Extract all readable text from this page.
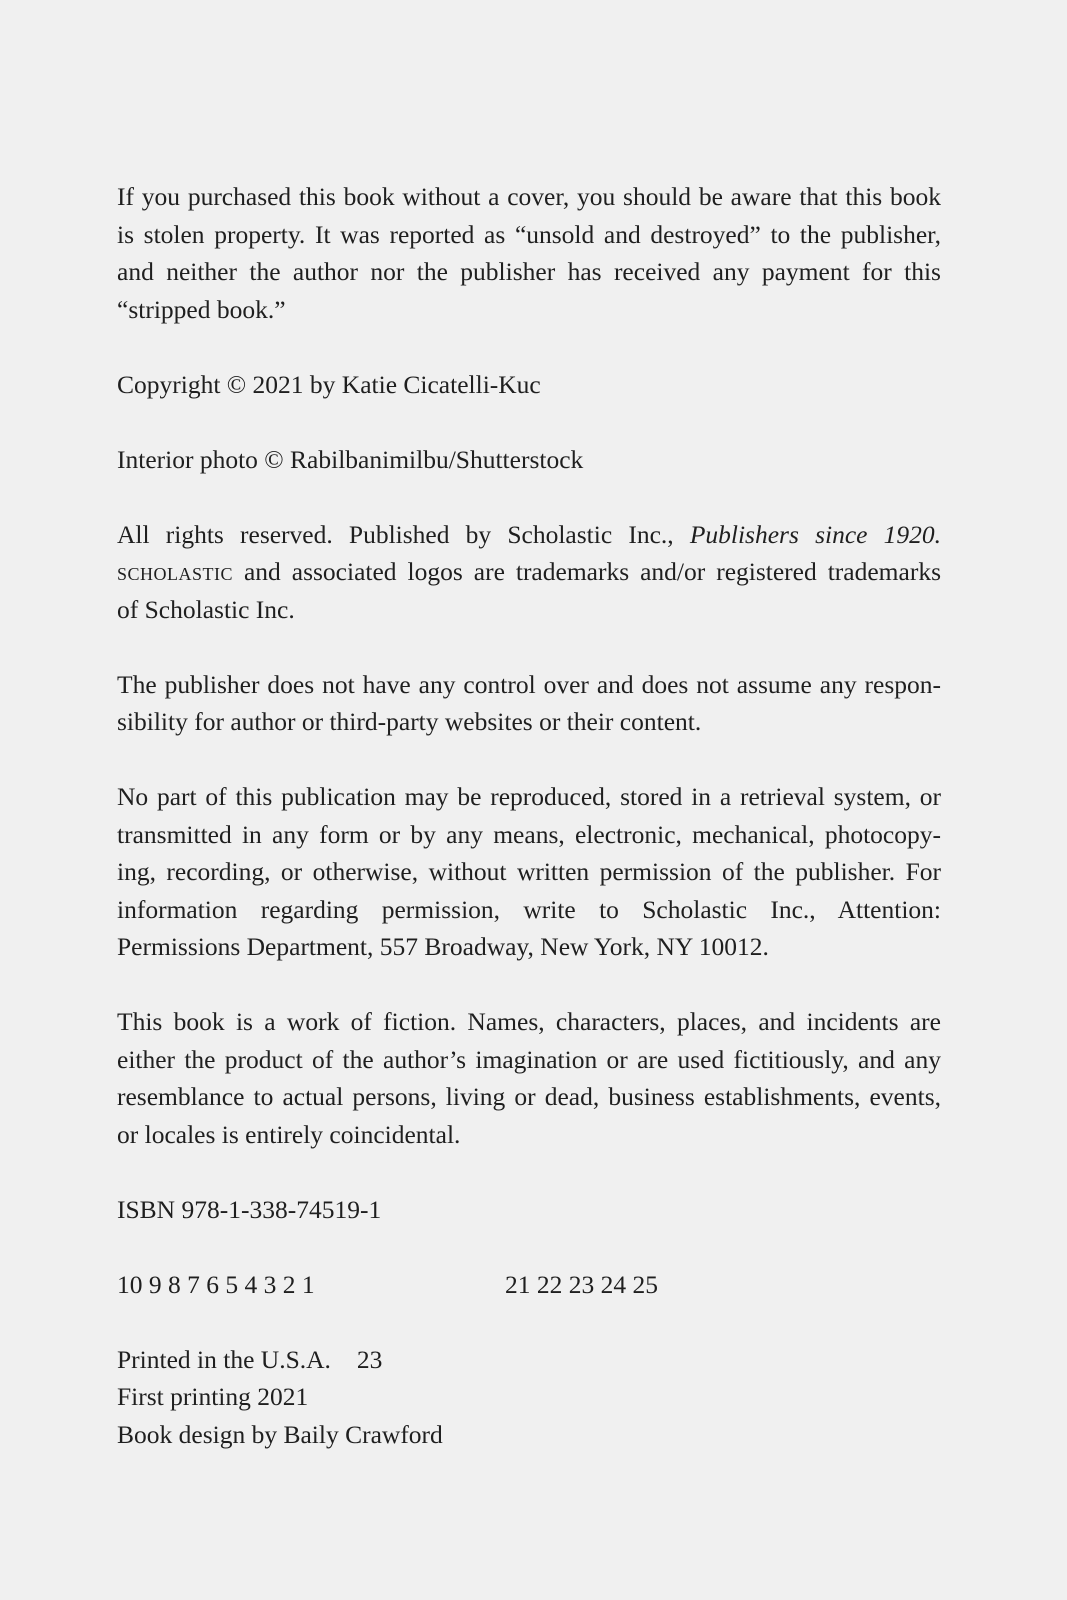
If you purchased this book without a cover, you should be aware that this book
is stolen property. It was reported as “unsold and destroyed” to the publisher,
and neither the author nor the publisher has received any payment for this
“stripped book.”

Copyright © 2021 by Katie Cicatelli-Kuc

Interior photo © Rabilbanimilbu/Shutterstock

All rights reserved. Published by Scholastic Inc., Publishers since 1920.
scholastic and associated logos are trademarks and/or registered trademarks
of Scholastic Inc.

The publisher does not have any control over and does not assume any respon-
sibility for author or third-party websites or their content.

No part of this publication may be reproduced, stored in a retrieval system, or
transmitted in any form or by any means, electronic, mechanical, photocopy-
ing, recording, or otherwise, without written permission of the publisher. For
information regarding permission, write to Scholastic Inc., Attention:
Permissions Department, 557 Broadway, New York, NY 10012.

This book is a work of fiction. Names, characters, places, and incidents are
either the product of the author’s imagination or are used fictitiously, and any
resemblance to actual persons, living or dead, business establishments, events,
or locales is entirely coincidental.

ISBN 978-1-338-74519-1

10 9 8 7 6 5 4 3 2 1	21 22 23 24 25

Printed in the U.S.A. 23

First printing 2021

Book design by Baily Crawford
